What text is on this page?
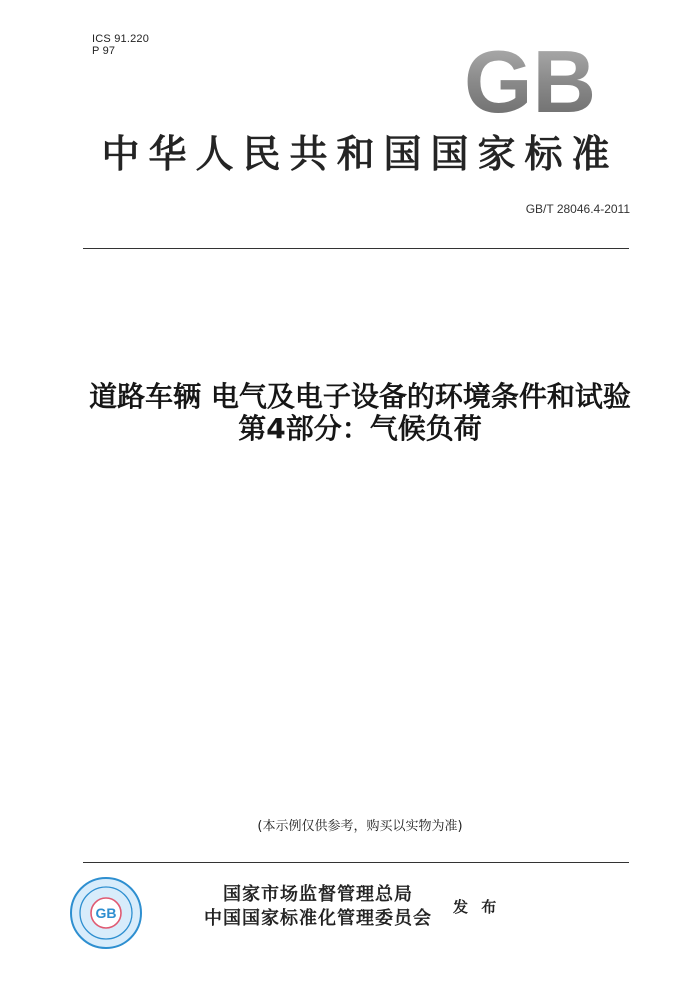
ICS 91.220
P 97	GB
中华人民共和国国家标准
GB/T 28046.4-2011
道路车辆 电气及电子设备的环境条件和试验
第4部分：气候负荷
(本示例仅供参考，购买以实物为准)
GB
国家市场监督管理总局
中国国家标准化管理委员会
发 布
